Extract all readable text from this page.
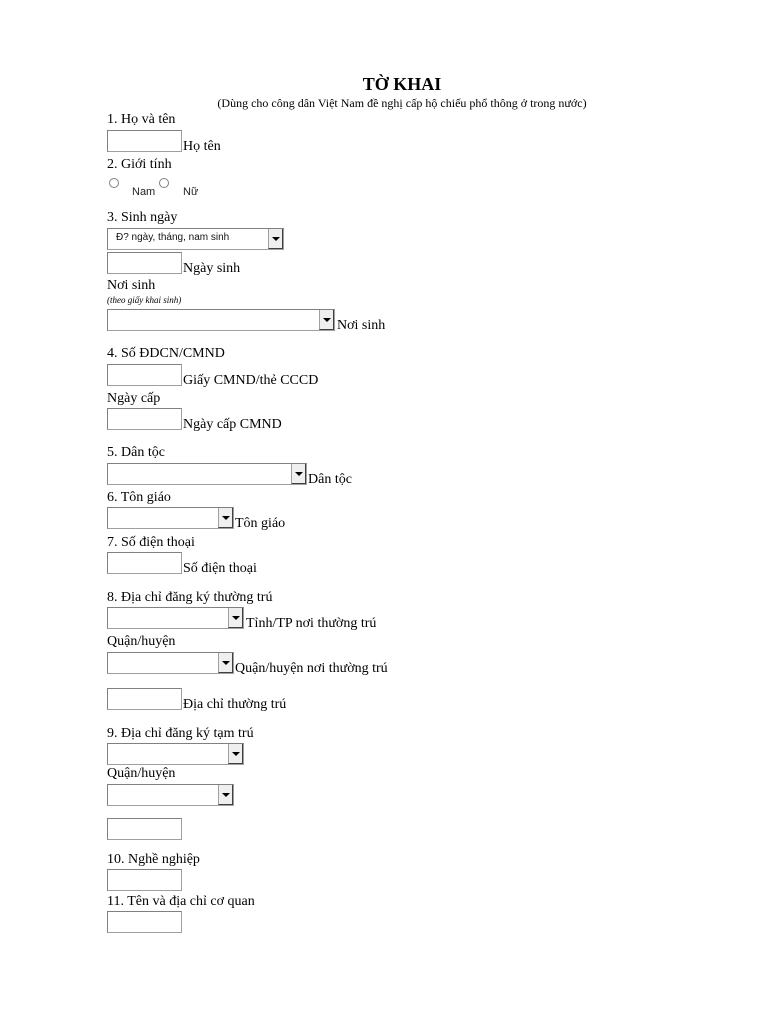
TỜ KHAI
(Dùng cho công dân Việt Nam đề nghị cấp hộ chiếu phổ thông ở trong nước)
1. Họ và tên
Họ tên
2. Giới tính
Nam	Nữ
3. Sinh ngày
Đ? ngày, tháng, nam sinh
Ngày sinh
Nơi sinh
(theo giấy khai sinh)
Nơi sinh
4. Số ĐDCN/CMND
Giấy CMND/thẻ CCCD
Ngày cấp
Ngày cấp CMND
5. Dân tộc
Dân tộc
6. Tôn giáo
Tôn giáo
7. Số điện thoại
Số điện thoại
8. Địa chỉ đăng ký thường trú
Tỉnh/TP nơi thường trú
Quận/huyện
Quận/huyện nơi thường trú
Địa chỉ thường trú
9. Địa chỉ đăng ký tạm trú
Quận/huyện
10. Nghề nghiệp
11. Tên và địa chỉ cơ quan
